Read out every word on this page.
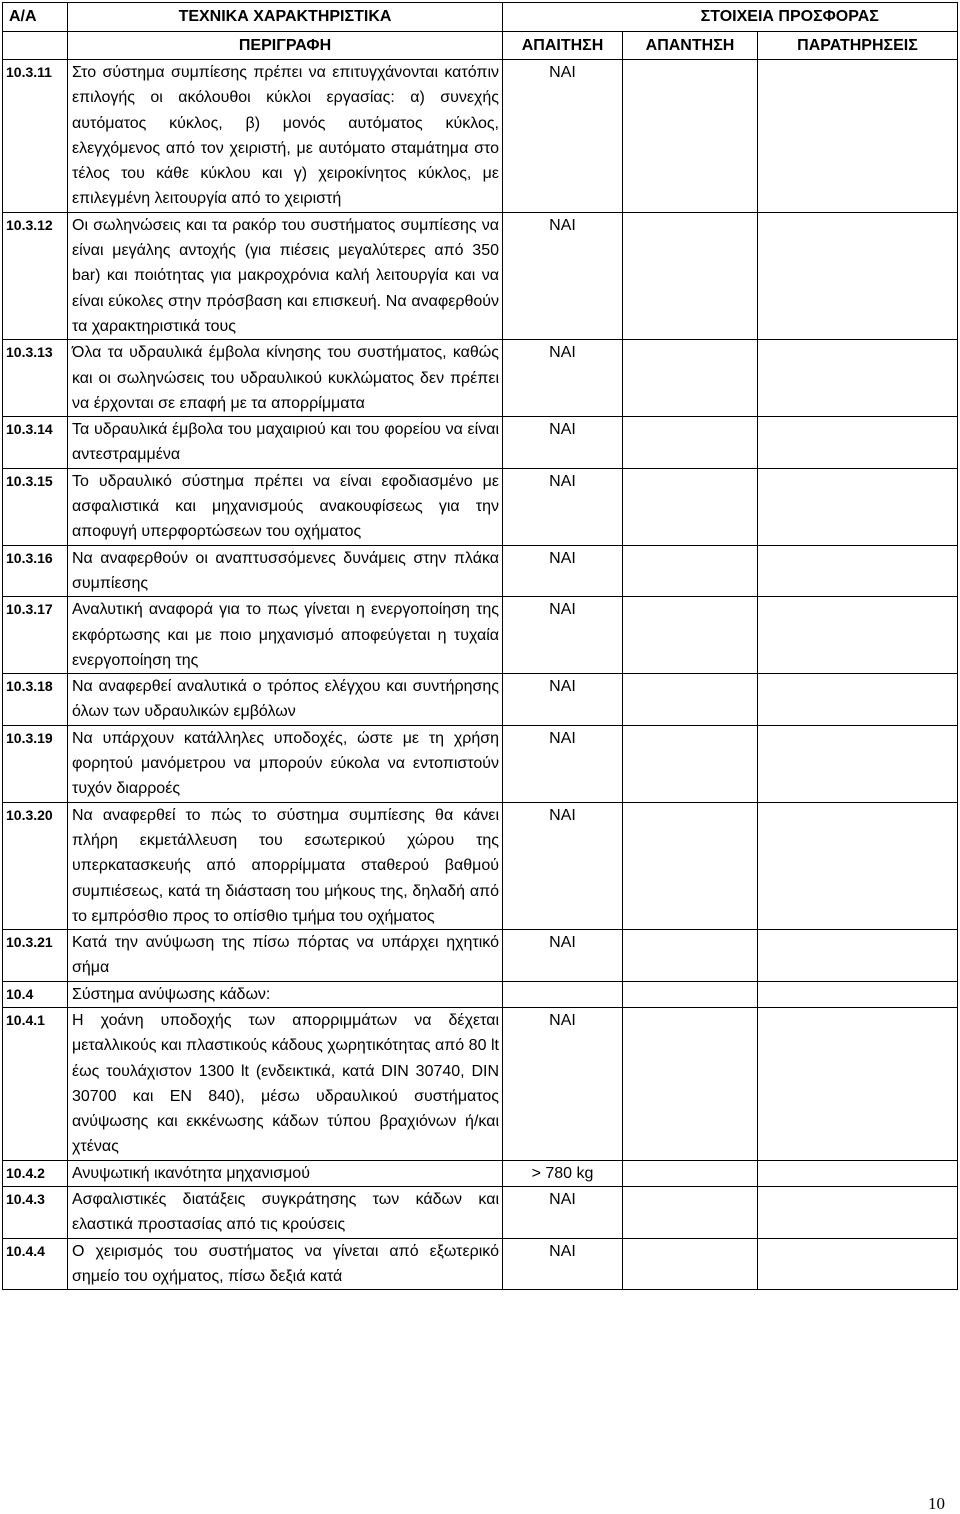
Α/Α	ΤΕΧΝΙΚΑ ΧΑΡΑΚΤΗΡΙΣΤΙΚΑ		ΣΤΟΙΧΕΙΑ ΠΡΟΣΦΟΡΑΣ	
	ΠΕΡΙΓΡΑΦΗ	ΑΠΑΙΤΗΣΗ	ΑΠΑΝΤΗΣΗ	ΠΑΡΑΤΗΡΗΣΕΙΣ
10.3.11	Στο σύστημα συμπίεσης πρέπει να επιτυγχάνονται κατόπιν επιλογής οι ακόλουθοι κύκλοι εργασίας: α) συνεχής αυτόματος κύκλος, β) μονός αυτόματος κύκλος, ελεγχόμενος από τον χειριστή, με αυτόματο σταμάτημα στο τέλος του κάθε κύκλου και γ) χειροκίνητος κύκλος, με επιλεγμένη λειτουργία από το χειριστή	ΝΑΙ		
10.3.12	Οι σωληνώσεις και τα ρακόρ του συστήματος συμπίεσης να είναι μεγάλης αντοχής (για πιέσεις μεγαλύτερες από 350 bar) και ποιότητας για μακροχρόνια καλή λειτουργία και να είναι εύκολες στην πρόσβαση και επισκευή. Να αναφερθούν τα χαρακτηριστικά τους	ΝΑΙ		
10.3.13	Όλα τα υδραυλικά έμβολα κίνησης του συστήματος, καθώς και οι σωληνώσεις του υδραυλικού κυκλώματος δεν πρέπει να έρχονται σε επαφή με τα απορρίμματα	ΝΑΙ		
10.3.14	Τα υδραυλικά έμβολα του μαχαιριού και του φορείου να είναι αντεστραμμένα	ΝΑΙ		
10.3.15	Το υδραυλικό σύστημα πρέπει να είναι εφοδιασμένο με ασφαλιστικά και μηχανισμούς ανακουφίσεως για την αποφυγή υπερφορτώσεων του οχήματος	ΝΑΙ		
10.3.16	Να αναφερθούν οι αναπτυσσόμενες δυνάμεις στην πλάκα συμπίεσης	ΝΑΙ		
10.3.17	Αναλυτική αναφορά για το πως γίνεται η ενεργοποίηση της εκφόρτωσης και με ποιο μηχανισμό αποφεύγεται η τυχαία ενεργοποίηση της	ΝΑΙ		
10.3.18	Να αναφερθεί αναλυτικά ο τρόπος ελέγχου και συντήρησης όλων των υδραυλικών εμβόλων	ΝΑΙ		
10.3.19	Να υπάρχουν κατάλληλες υποδοχές, ώστε με τη χρήση φορητού μανόμετρου να μπορούν εύκολα να εντοπιστούν τυχόν διαρροές	ΝΑΙ		
10.3.20	Να αναφερθεί το πώς το σύστημα συμπίεσης θα κάνει πλήρη εκμετάλλευση του εσωτερικού χώρου της υπερκατασκευής από απορρίμματα σταθερού βαθμού συμπιέσεως, κατά τη διάσταση του μήκους της, δηλαδή από το εμπρόσθιο προς το οπίσθιο τμήμα του οχήματος	ΝΑΙ		
10.3.21	Κατά την ανύψωση της πίσω πόρτας να υπάρχει ηχητικό σήμα	ΝΑΙ		
10.4	Σύστημα ανύψωσης κάδων:			
10.4.1	Η χοάνη υποδοχής των απορριμμάτων να δέχεται μεταλλικούς και πλαστικούς κάδους χωρητικότητας από 80 lt έως τουλάχιστον 1300 lt (ενδεικτικά, κατά DIN 30740, DIN 30700 και EN 840), μέσω υδραυλικού συστήματος ανύψωσης και εκκένωσης κάδων τύπου βραχιόνων ή/και χτένας	ΝΑΙ		
10.4.2	Ανυψωτική ικανότητα μηχανισμού	> 780 kg		
10.4.3	Ασφαλιστικές διατάξεις συγκράτησης των κάδων και ελαστικά προστασίας από τις κρούσεις	ΝΑΙ		
10.4.4	Ο χειρισμός του συστήματος να γίνεται από εξωτερικό σημείο του οχήματος, πίσω δεξιά κατά	ΝΑΙ		
10
